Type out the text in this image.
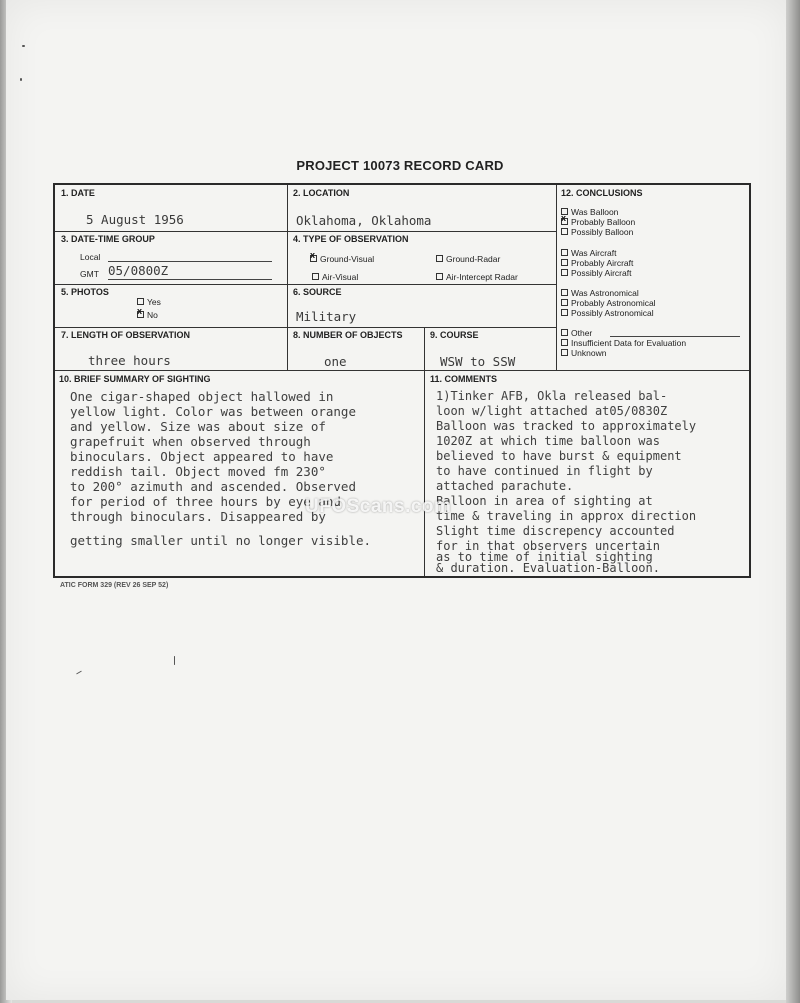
PROJECT 10073 RECORD CARD
1. DATE
5 August 1956
2. LOCATION
Oklahoma, Oklahoma
3. DATE-TIME GROUP
Local
GMT 05/0800Z
4. TYPE OF OBSERVATION
xGround-Visual	Ground-Radar
Air-Visual	Air-Intercept Radar
5. PHOTOS
Yes
xNo
6. SOURCE
Military
7. LENGTH OF OBSERVATION
three hours
8. NUMBER OF OBJECTS
one
9. COURSE
WSW to SSW
12. CONCLUSIONS
Was Balloon
xProbably Balloon
Possibly Balloon
Was Aircraft
Probably Aircraft
Possibly Aircraft
Was Astronomical
Probably Astronomical
Possibly Astronomical
Other
Insufficient Data for Evaluation
Unknown
10. BRIEF SUMMARY OF SIGHTING
One cigar-shaped object hallowed in
yellow light. Color was between orange
and yellow. Size was about size of
grapefruit when observed through
binoculars. Object appeared to have
reddish tail. Object moved fm 230°
to 200° azimuth and ascended. Observed
for period of three hours by eye and
through binoculars. Disappeared by
getting smaller until no longer visible.
11. COMMENTS
1)Tinker AFB, Okla released bal-
loon w/light attached at05/0830Z
Balloon was tracked to approximately
1020Z at which time balloon was
believed to have burst & equipment
to have continued in flight by
attached parachute.
Balloon in area of sighting at
time & traveling in approx direction
Slight time discrepency accounted
for in that observers uncertain
as to time of initial sighting
& duration. Evaluation-Balloon.
UFOScans.com
ATIC FORM 329 (REV 26 SEP 52)
